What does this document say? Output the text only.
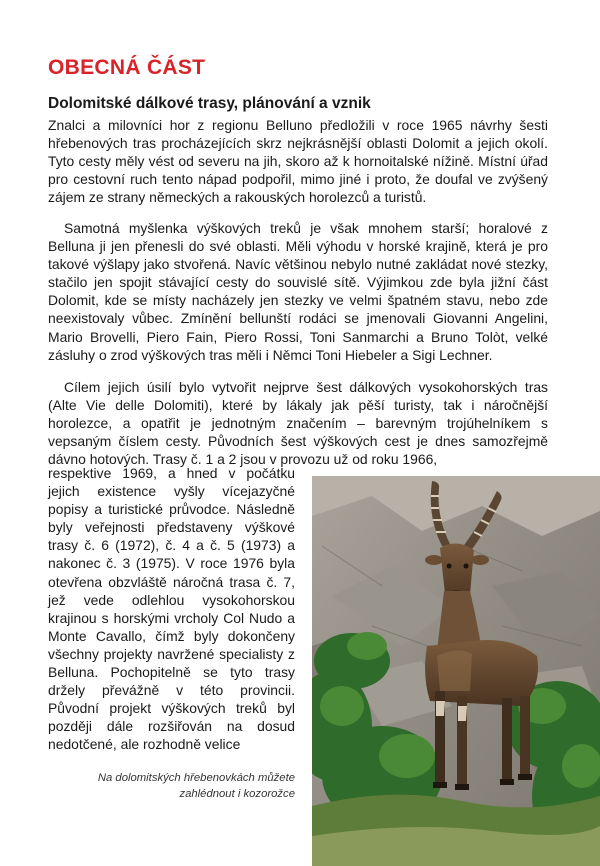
OBECNÁ ČÁST
Dolomitské dálkové trasy, plánování a vznik

Znalci a milovníci hor z regionu Belluno předložili v roce 1965 návrhy šesti hřebenových tras procházejících skrz nejkrásnější oblasti Dolomit a jejich okolí. Tyto cesty měly vést od severu na jih, skoro až k hornoitalské nížině. Místní úřad pro cestovní ruch tento nápad podpořil, mimo jiné i proto, že doufal ve zvýšený zájem ze strany německých a rakouských horolezců a turistů.

Samotná myšlenka výškových treků je však mnohem starší; horalové z Belluna ji jen přenesli do své oblasti. Měli výhodu v horské krajině, která je pro takové výšlapy jako stvořená. Navíc většinou nebylo nutné zakládat nové stezky, stačilo jen spojit stávající cesty do souvislé sítě. Výjimkou zde byla jižní část Dolomit, kde se místy nacházely jen stezky ve velmi špatném stavu, nebo zde neexistovaly vůbec. Zmínění bellunští rodáci se jmenovali Giovanni Angelini, Mario Brovelli, Piero Fain, Piero Rossi, Toni Sanmarchi a Bruno Tolòt, velké zásluhy o zrod výškových tras měli i Němci Toni Hiebeler a Sigi Lechner.

Cílem jejich úsilí bylo vytvořit nejprve šest dálkových vysokohorských tras (Alte Vie delle Dolomiti), které by lákaly jak pěší turisty, tak i náročnější horolezce, a opatřit je jednotným značením – barevným trojúhelníkem s vepsaným číslem cesty. Původních šest výškových cest je dnes samozřejmě dávno hotových. Trasy č. 1 a 2 jsou v provozu už od roku 1966,

respektive 1969, a hned v počátku jejich existence vyšly vícejazyčné popisy a turistické průvodce. Následně byly veřejnosti představeny výškové trasy č. 6 (1972), č. 4 a č. 5 (1973) a nakonec č. 3 (1975). V roce 1976 byla otevřena obzvláště náročná trasa č. 7, jež vede odlehlou vysokohorskou krajinou s horskými vrcholy Col Nudo a Monte Cavallo, čímž byly dokončeny všechny projekty navržené specialisty z Belluna. Pochopitelně se tyto trasy držely převážně v této provincii. Původní projekt výškových treků byl později dále rozšiřován na dosud nedotčené, ale rozhodně velice

Na dolomitských hřebenovkách můžete zahlédnout i kozorožce
